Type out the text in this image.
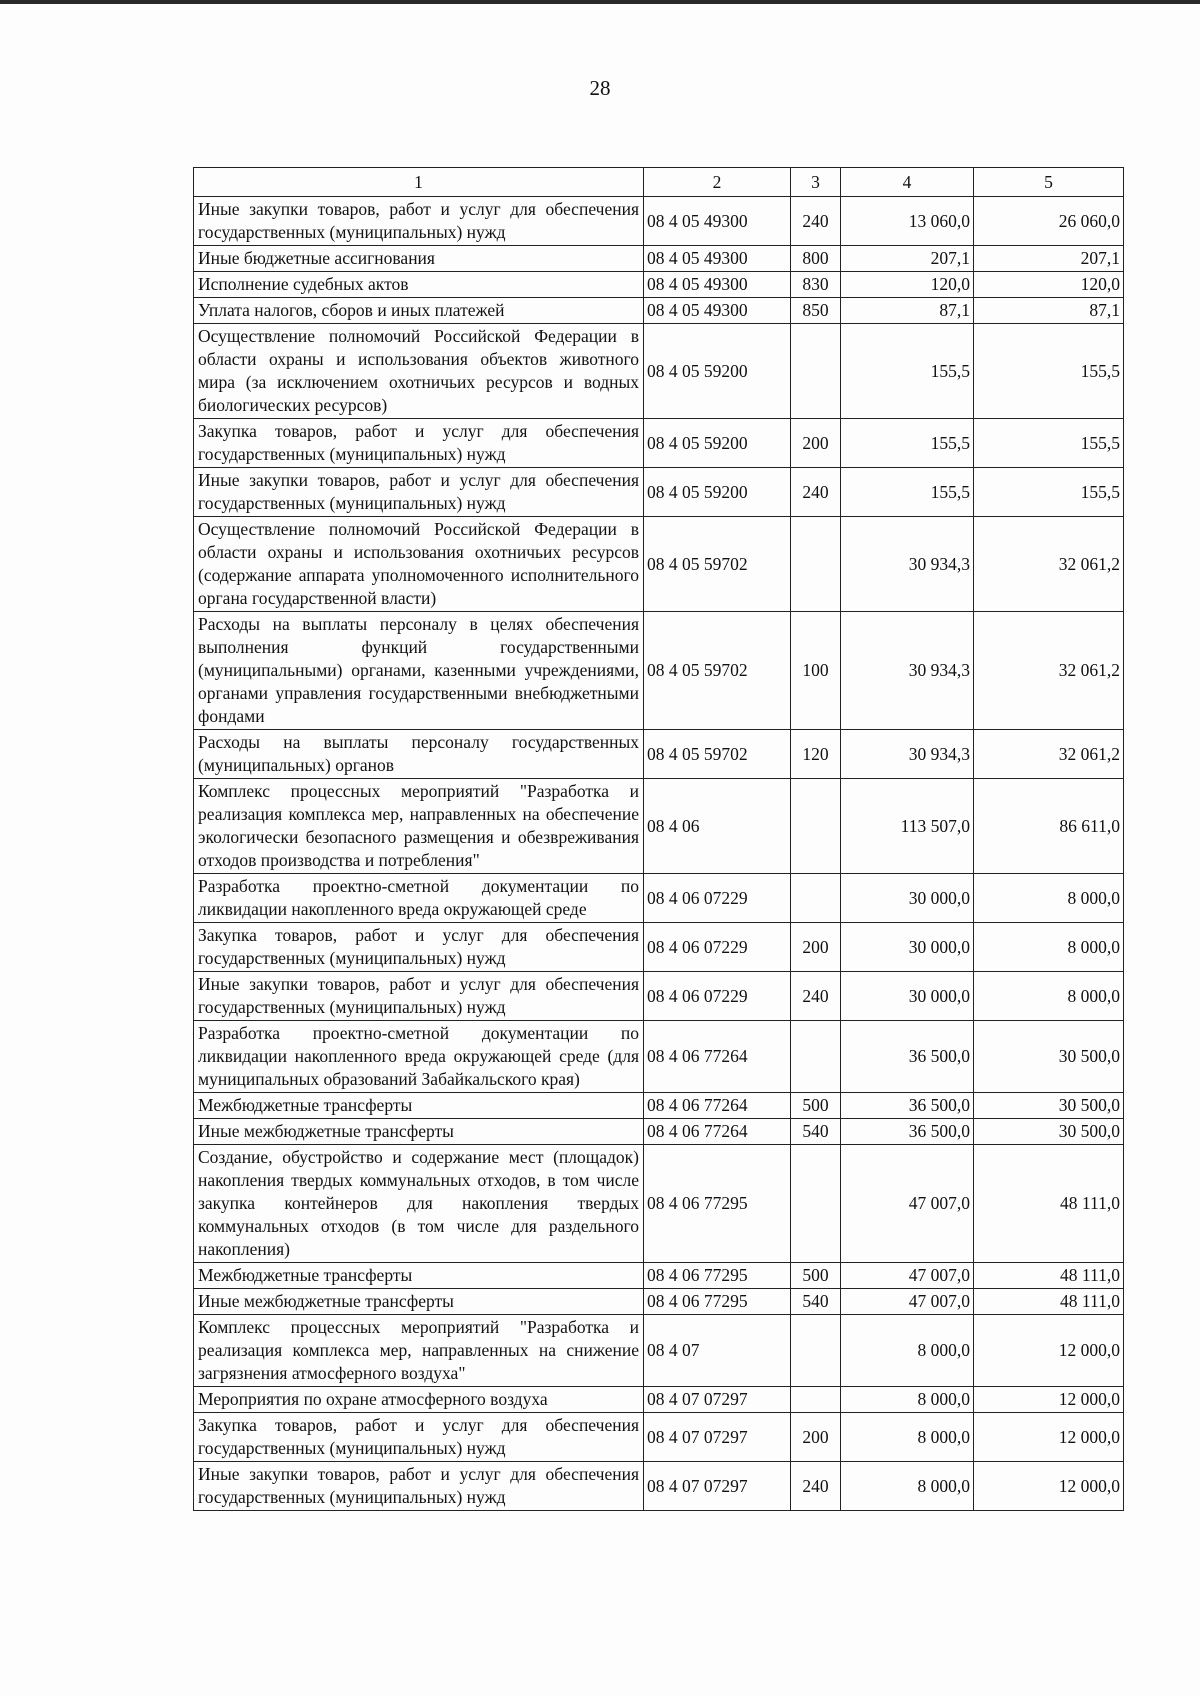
28
1	2	3	4	5
Иные закупки товаров, работ и услуг для обеспечения государственных (муниципальных) нужд	08 4 05 49300	240	13 060,0	26 060,0
Иные бюджетные ассигнования	08 4 05 49300	800	207,1	207,1
Исполнение судебных актов	08 4 05 49300	830	120,0	120,0
Уплата налогов, сборов и иных платежей	08 4 05 49300	850	87,1	87,1
Осуществление полномочий Российской Федерации в области охраны и использования объектов животного мира (за исключением охотничьих ресурсов и водных биологических ресурсов)	08 4 05 59200		155,5	155,5
Закупка товаров, работ и услуг для обеспечения государственных (муниципальных) нужд	08 4 05 59200	200	155,5	155,5
Иные закупки товаров, работ и услуг для обеспечения государственных (муниципальных) нужд	08 4 05 59200	240	155,5	155,5
Осуществление полномочий Российской Федерации в области охраны и использования охотничьих ресурсов (содержание аппарата уполномоченного исполнительного органа государственной власти)	08 4 05 59702		30 934,3	32 061,2
Расходы на выплаты персоналу в целях обеспечения выполнения функций государственными (муниципальными) органами, казенными учреждениями, органами управления государственными внебюджетными фондами	08 4 05 59702	100	30 934,3	32 061,2
Расходы на выплаты персоналу государственных (муниципальных) органов	08 4 05 59702	120	30 934,3	32 061,2
Комплекс процессных мероприятий "Разработка и реализация комплекса мер, направленных на обеспечение экологически безопасного размещения и обезвреживания отходов производства и потребления"	08 4 06		113 507,0	86 611,0
Разработка проектно-сметной документации по ликвидации накопленного вреда окружающей среде	08 4 06 07229		30 000,0	8 000,0
Закупка товаров, работ и услуг для обеспечения государственных (муниципальных) нужд	08 4 06 07229	200	30 000,0	8 000,0
Иные закупки товаров, работ и услуг для обеспечения государственных (муниципальных) нужд	08 4 06 07229	240	30 000,0	8 000,0
Разработка проектно-сметной документации по ликвидации накопленного вреда окружающей среде (для муниципальных образований Забайкальского края)	08 4 06 77264		36 500,0	30 500,0
Межбюджетные трансферты	08 4 06 77264	500	36 500,0	30 500,0
Иные межбюджетные трансферты	08 4 06 77264	540	36 500,0	30 500,0
Создание, обустройство и содержание мест (площадок) накопления твердых коммунальных отходов, в том числе закупка контейнеров для накопления твердых коммунальных отходов (в том числе для раздельного накопления)	08 4 06 77295		47 007,0	48 111,0
Межбюджетные трансферты	08 4 06 77295	500	47 007,0	48 111,0
Иные межбюджетные трансферты	08 4 06 77295	540	47 007,0	48 111,0
Комплекс процессных мероприятий "Разработка и реализация комплекса мер, направленных на снижение загрязнения атмосферного воздуха"	08 4 07		8 000,0	12 000,0
Мероприятия по охране атмосферного воздуха	08 4 07 07297		8 000,0	12 000,0
Закупка товаров, работ и услуг для обеспечения государственных (муниципальных) нужд	08 4 07 07297	200	8 000,0	12 000,0
Иные закупки товаров, работ и услуг для обеспечения государственных (муниципальных) нужд	08 4 07 07297	240	8 000,0	12 000,0
